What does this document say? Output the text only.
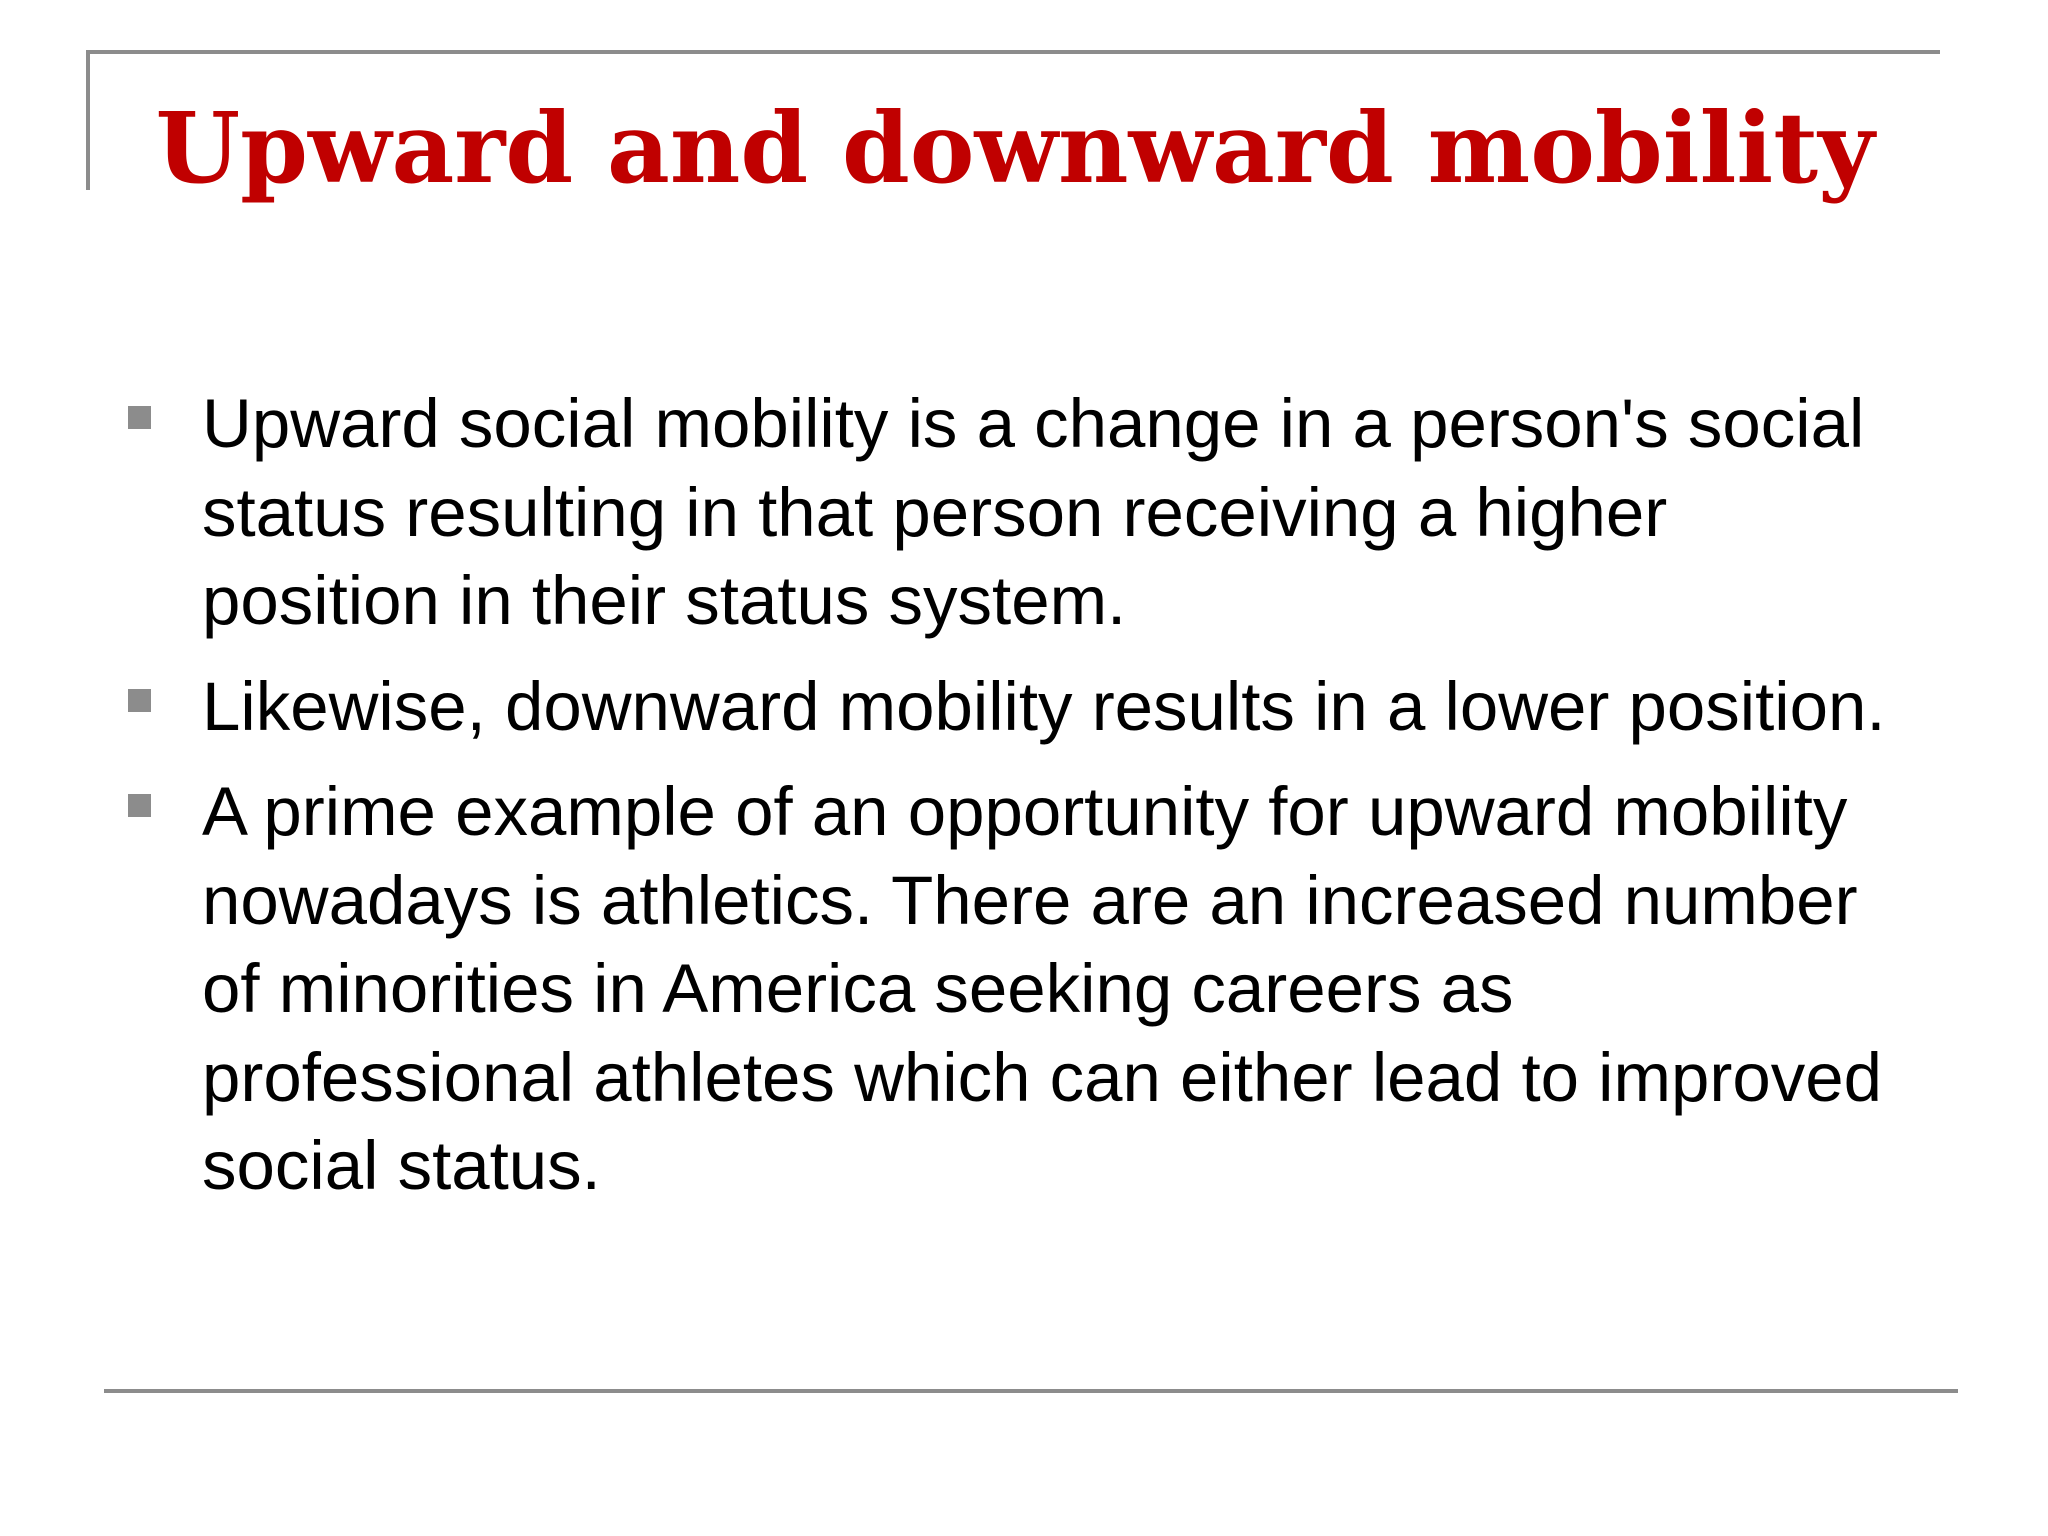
Upward and downward mobility
Upward social mobility is a change in a person's social status resulting in that person receiving a higher position in their status system.
Likewise, downward mobility results in a lower position.
A prime example of an opportunity for upward mobility nowadays is athletics. There are an increased number of minorities in America seeking careers as professional athletes which can either lead to improved social status.
